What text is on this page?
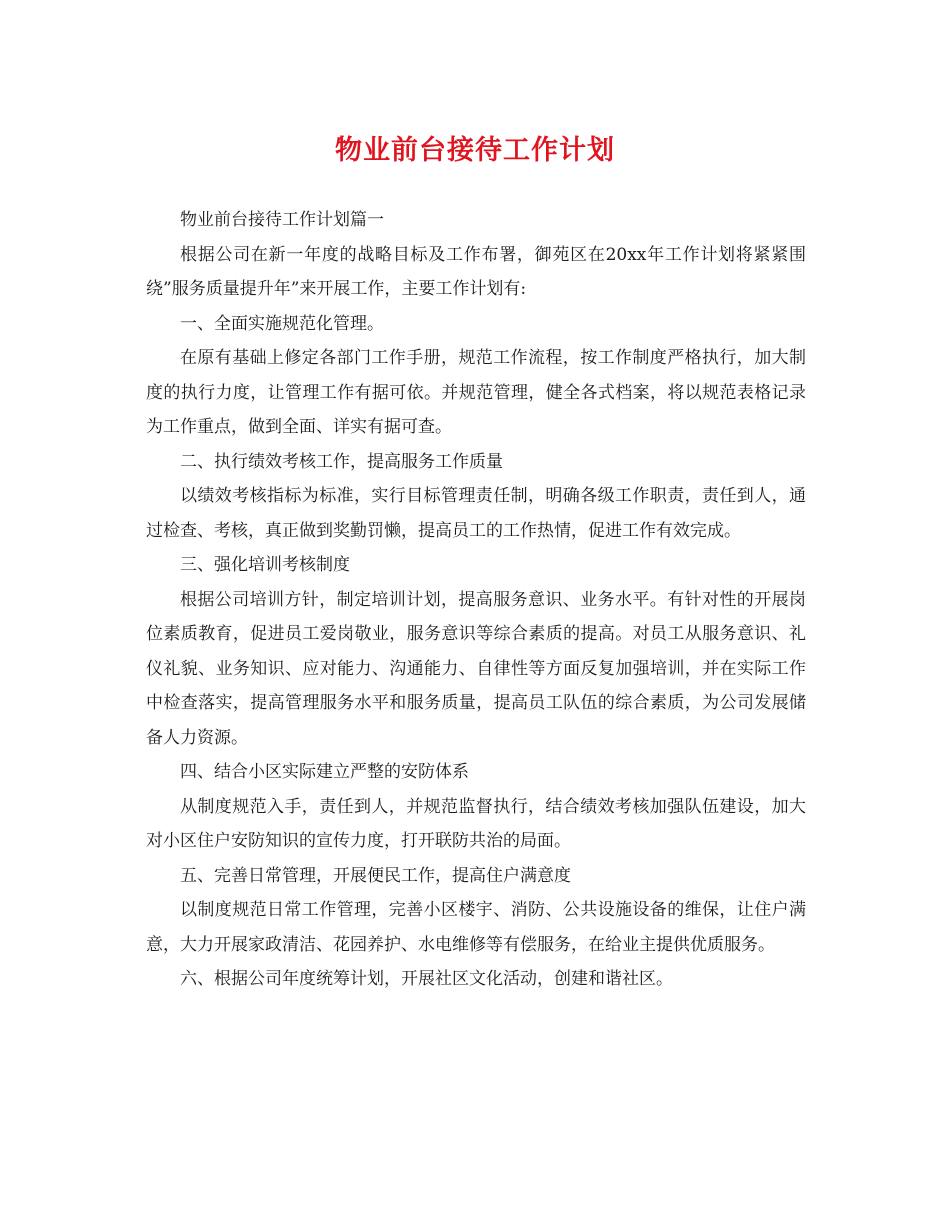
物业前台接待工作计划

物业前台接待工作计划篇一

根据公司在新一年度的战略目标及工作布署，御苑区在20xx年工作计划将紧紧围绕”服务质量提升年”来开展工作，主要工作计划有:

一、全面实施规范化管理。

在原有基础上修定各部门工作手册，规范工作流程，按工作制度严格执行，加大制度的执行力度，让管理工作有据可依。并规范管理，健全各式档案，将以规范表格记录为工作重点，做到全面、详实有据可查。

二、执行绩效考核工作，提高服务工作质量

以绩效考核指标为标准，实行目标管理责任制，明确各级工作职责，责任到人，通过检查、考核，真正做到奖勤罚懒，提高员工的工作热情，促进工作有效完成。

三、强化培训考核制度

根据公司培训方针，制定培训计划，提高服务意识、业务水平。有针对性的开展岗位素质教育，促进员工爱岗敬业，服务意识等综合素质的提高。对员工从服务意识、礼仪礼貌、业务知识、应对能力、沟通能力、自律性等方面反复加强培训，并在实际工作中检查落实，提高管理服务水平和服务质量，提高员工队伍的综合素质，为公司发展储备人力资源。

四、结合小区实际建立严整的安防体系

从制度规范入手，责任到人，并规范监督执行，结合绩效考核加强队伍建设，加大对小区住户安防知识的宣传力度，打开联防共治的局面。

五、完善日常管理，开展便民工作，提高住户满意度

以制度规范日常工作管理，完善小区楼宇、消防、公共设施设备的维保，让住户满意，大力开展家政清洁、花园养护、水电维修等有偿服务，在给业主提供优质服务。

六、根据公司年度统筹计划，开展社区文化活动，创建和谐社区。
